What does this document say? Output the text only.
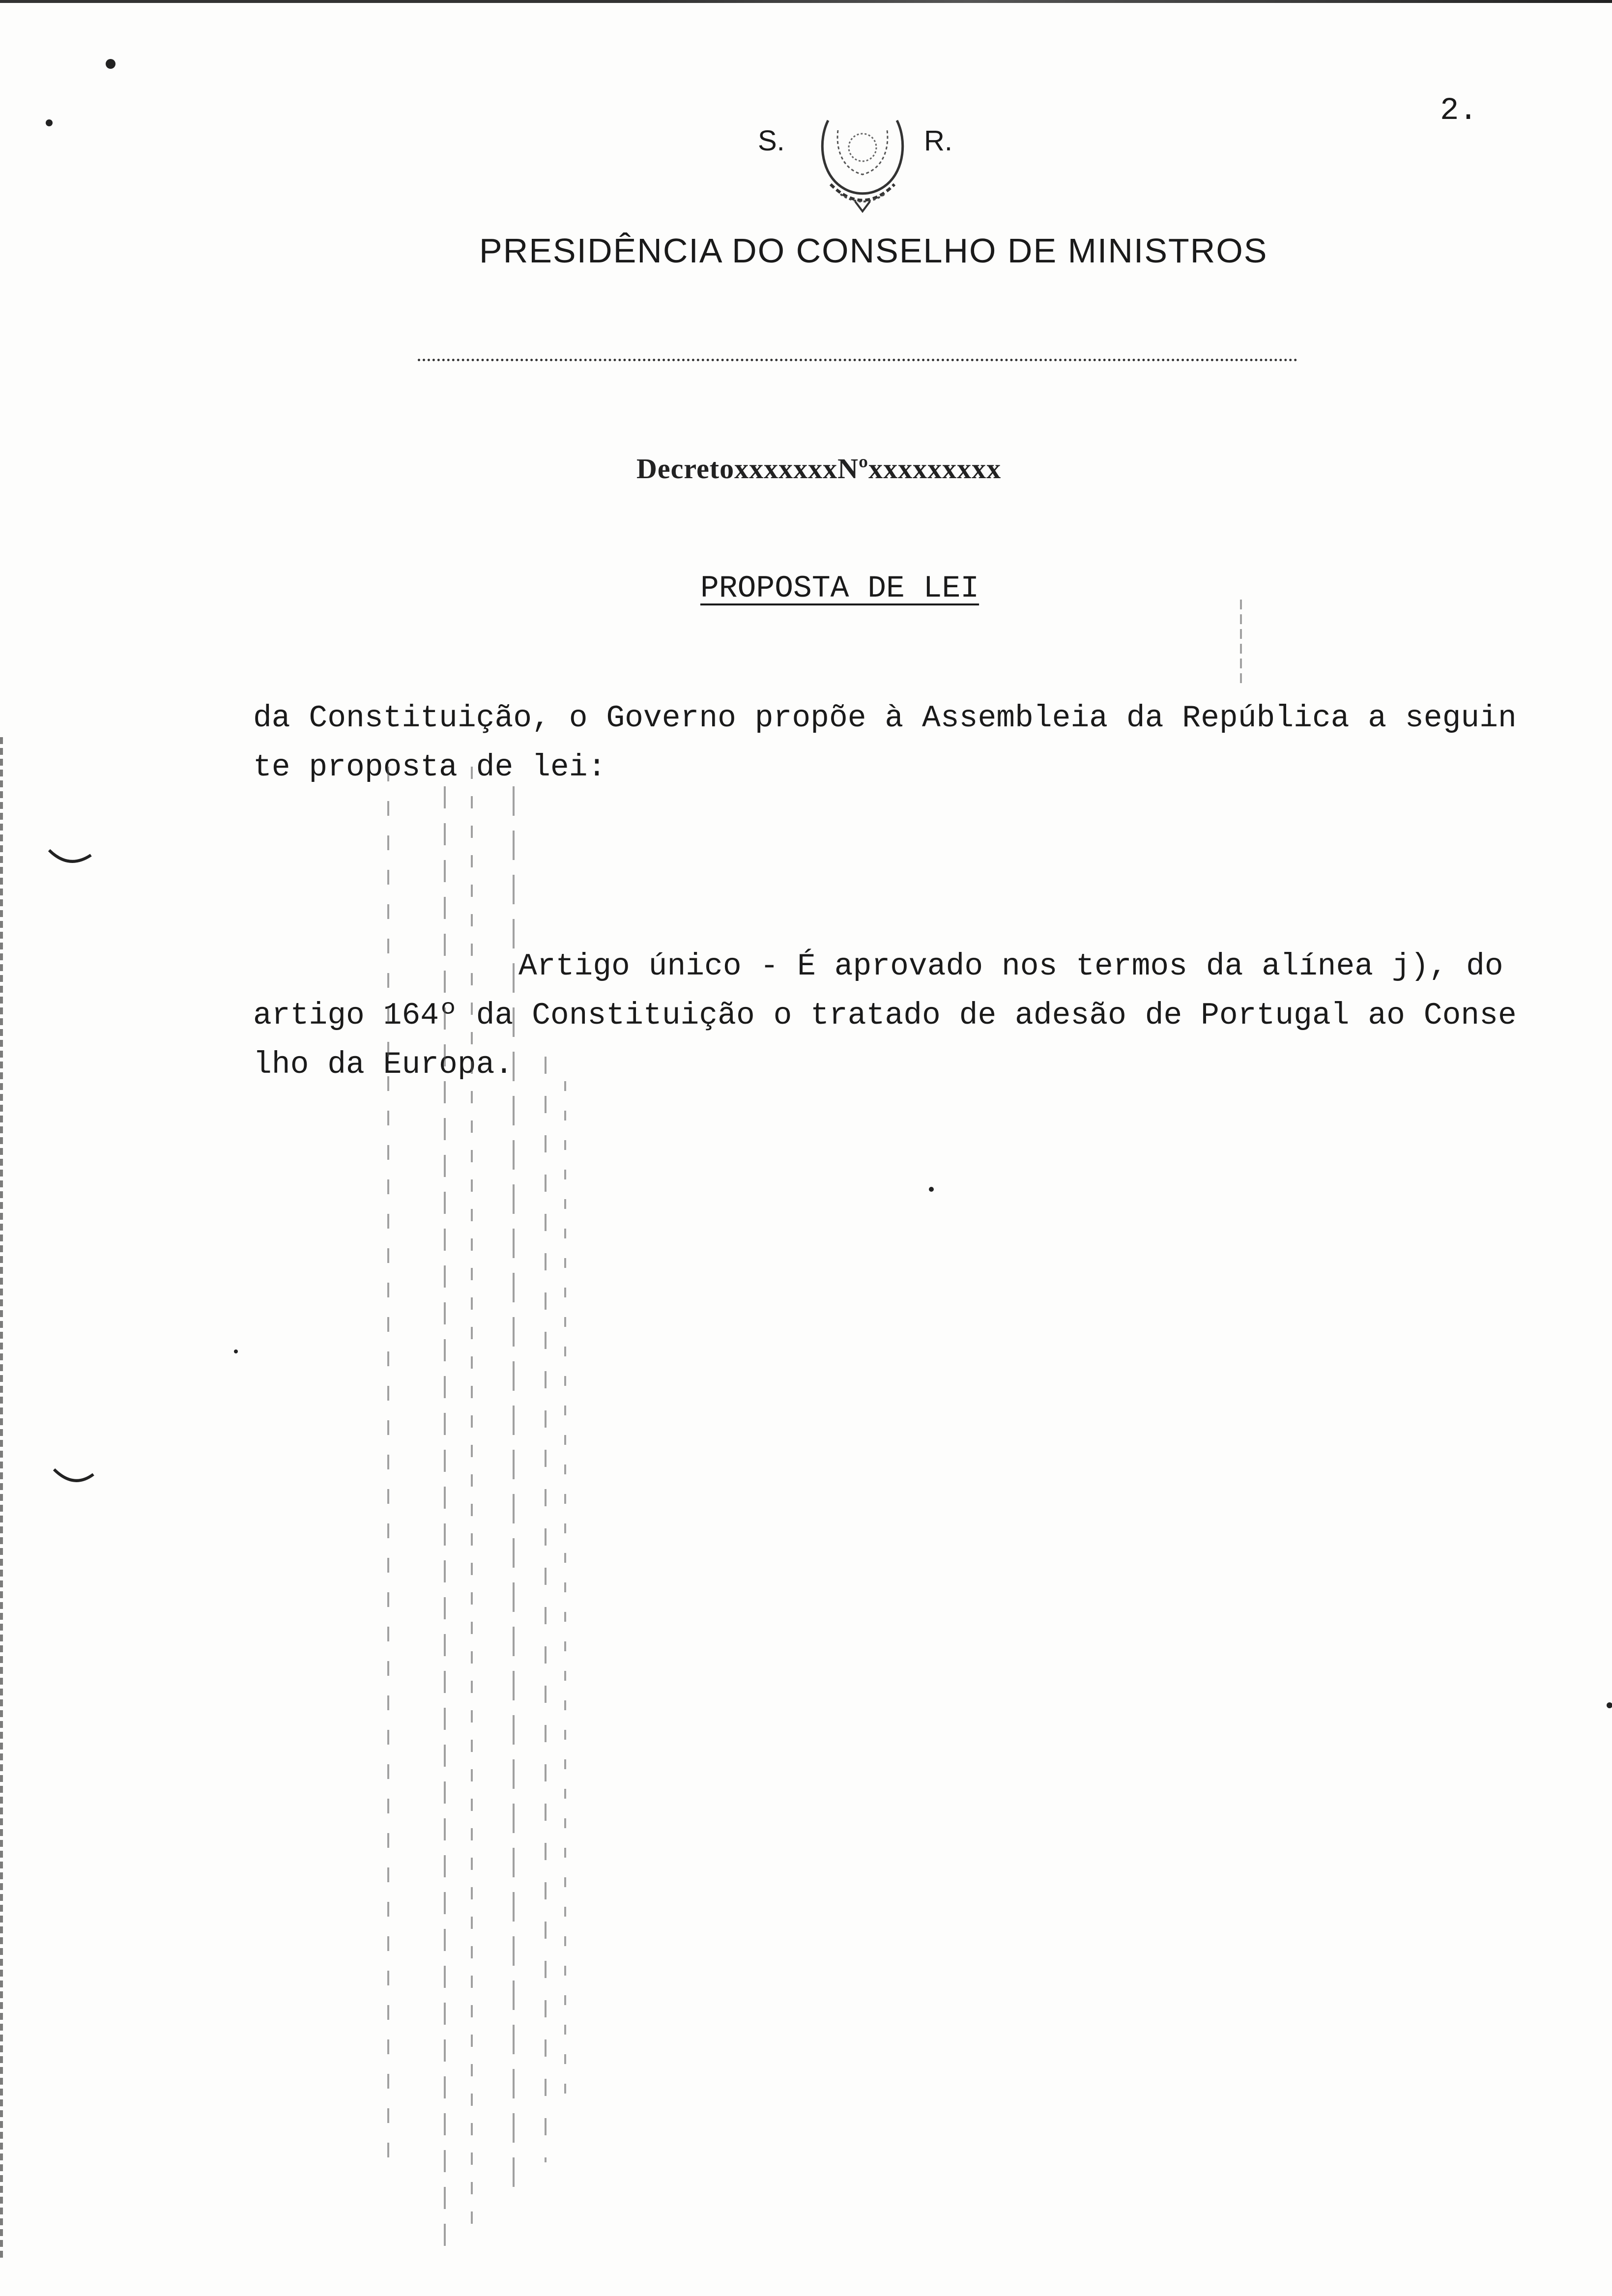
2.
S.	R.
PRESIDÊNCIA DO CONSELHO DE MINISTROS
DecretoxxxxxxxNºxxxxxxxxx
PROPOSTA DE LEI
da Constituição, o Governo propõe à Assembleia da República a seguin
te proposta de lei:
Artigo único - É aprovado nos termos da alínea j), do
artigo 164º da Constituição o tratado de adesão de Portugal ao Conse
lho da Europa.
